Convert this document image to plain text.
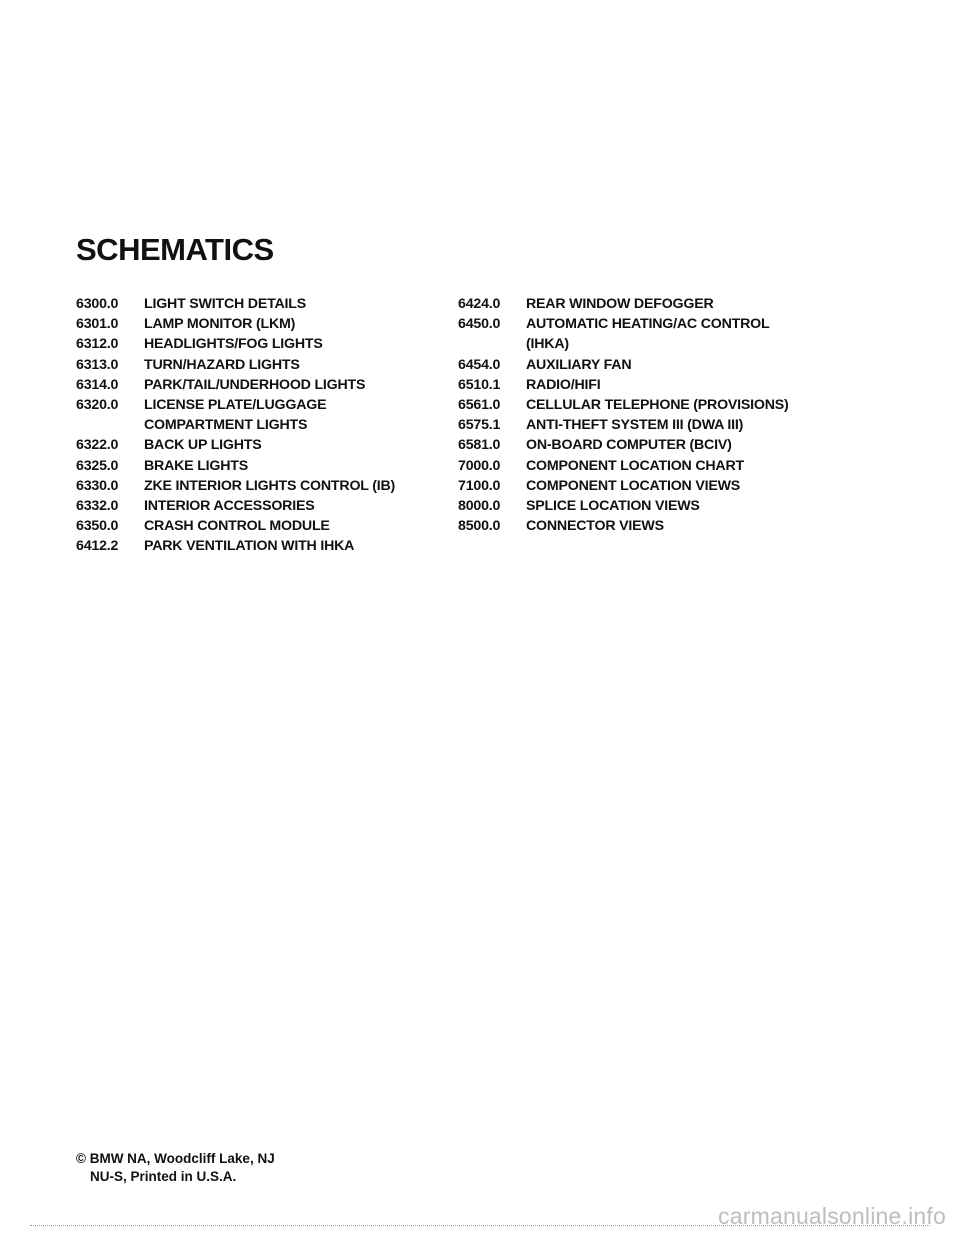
SCHEMATICS
6300.0	LIGHT SWITCH DETAILS
6301.0	LAMP MONITOR (LKM)
6312.0	HEADLIGHTS/FOG LIGHTS
6313.0	TURN/HAZARD LIGHTS
6314.0	PARK/TAIL/UNDERHOOD LIGHTS
6320.0	LICENSE PLATE/LUGGAGE
COMPARTMENT LIGHTS
6322.0	BACK UP LIGHTS
6325.0	BRAKE LIGHTS
6330.0	ZKE INTERIOR LIGHTS CONTROL (IB)
6332.0	INTERIOR ACCESSORIES
6350.0	CRASH CONTROL MODULE
6412.2	PARK VENTILATION WITH IHKA
6424.0	REAR WINDOW DEFOGGER
6450.0	AUTOMATIC HEATING/AC CONTROL
(IHKA)
6454.0	AUXILIARY FAN
6510.1	RADIO/HIFI
6561.0	CELLULAR TELEPHONE (PROVISIONS)
6575.1	ANTI-THEFT SYSTEM III (DWA III)
6581.0	ON-BOARD COMPUTER (BCIV)
7000.0	COMPONENT LOCATION CHART
7100.0	COMPONENT LOCATION VIEWS
8000.0	SPLICE LOCATION VIEWS
8500.0	CONNECTOR VIEWS
© BMW NA, Woodcliff Lake, NJ
NU-S, Printed in U.S.A.
carmanualsonline.info
